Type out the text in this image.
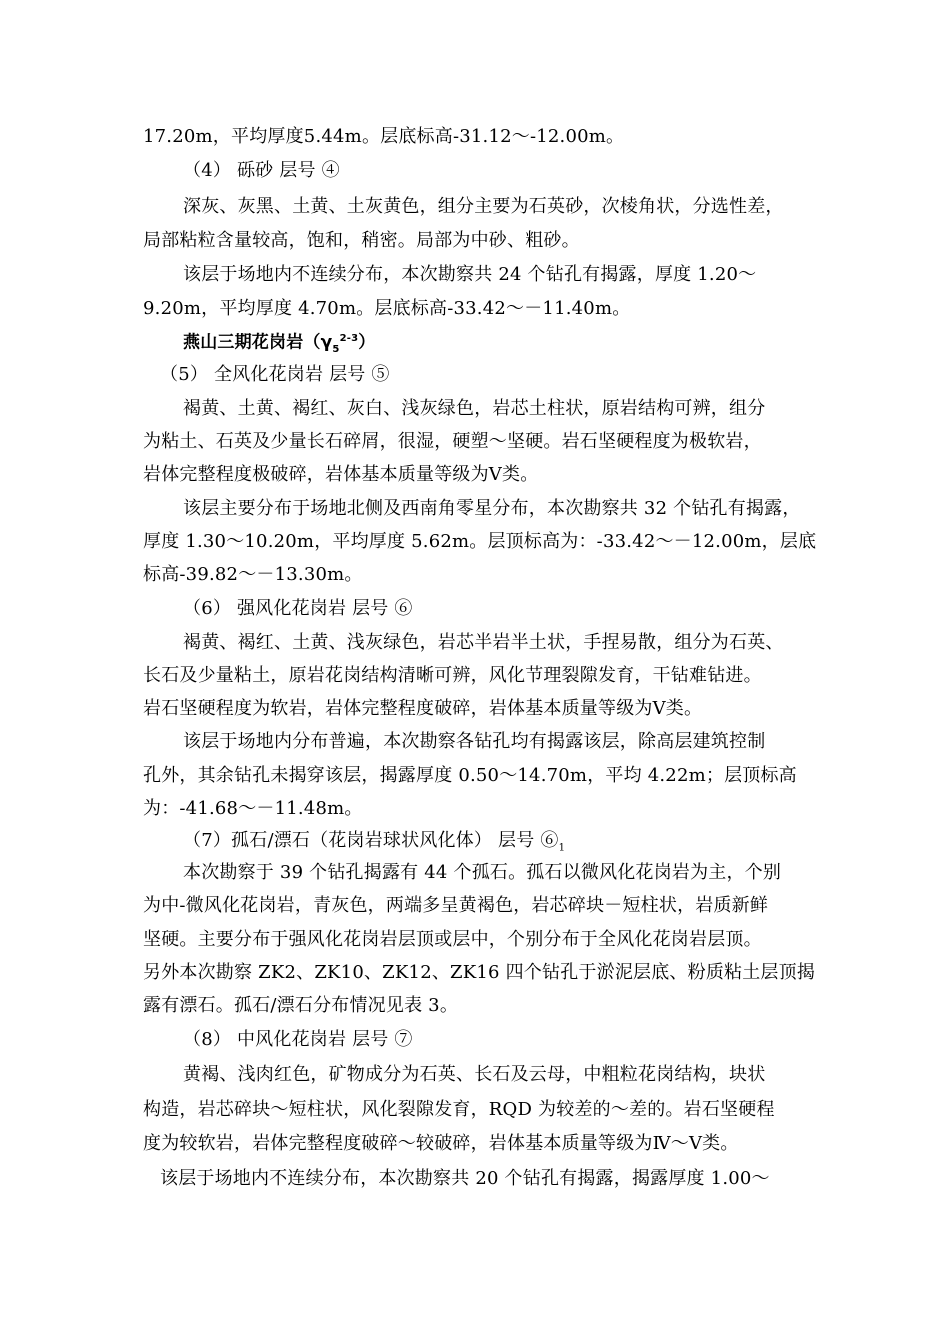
17.20m，平均厚度5.44m。层底标高-31.12～-12.00m。
（4） 砾砂 层号 ④
深灰、灰黑、土黄、土灰黄色，组分主要为石英砂，次棱角状，分选性差，
局部粘粒含量较高，饱和，稍密。局部为中砂、粗砂。
该层于场地内不连续分布，本次勘察共 24 个钻孔有揭露，厚度 1.20～
9.20m，平均厚度 4.70m。层底标高-33.42～－11.40m。
燕山三期花岗岩$(\gamma_5^{2-3})$
（5） 全风化花岗岩 层号 ⑤
褐黄、土黄、褐红、灰白、浅灰绿色，岩芯土柱状，原岩结构可辨，组分
为粘土、石英及少量长石碎屑，很湿，硬塑～坚硬。岩石坚硬程度为极软岩，
岩体完整程度极破碎，岩体基本质量等级为Ⅴ类。
该层主要分布于场地北侧及西南角零星分布，本次勘察共 32 个钻孔有揭露，
厚度 1.30～10.20m，平均厚度 5.62m。层顶标高为：-33.42～－12.00m，层底
标高-39.82～－13.30m。
（6） 强风化花岗岩 层号 ⑥
褐黄、褐红、土黄、浅灰绿色，岩芯半岩半土状，手捏易散，组分为石英、
长石及少量粘土，原岩花岗结构清晰可辨，风化节理裂隙发育，干钻难钻进。
岩石坚硬程度为软岩，岩体完整程度破碎，岩体基本质量等级为Ⅴ类。
该层于场地内分布普遍，本次勘察各钻孔均有揭露该层，除高层建筑控制
孔外，其余钻孔未揭穿该层，揭露厚度 0.50～14.70m，平均 4.22m；层顶标高
为：-41.68～－11.48m。
（7）孤石/漂石（花岗岩球状风化体） 层号 $⑥_1$
本次勘察于 39 个钻孔揭露有 44 个孤石。孤石以微风化花岗岩为主，个别
为中-微风化花岗岩，青灰色，两端多呈黄褐色，岩芯碎块－短柱状，岩质新鲜
坚硬。主要分布于强风化花岗岩层顶或层中，个别分布于全风化花岗岩层顶。
另外本次勘察 ZK2、ZK10、ZK12、ZK16 四个钻孔于淤泥层底、粉质粘土层顶揭
露有漂石。孤石/漂石分布情况见表 3。
（8） 中风化花岗岩 层号 ⑦
黄褐、浅肉红色，矿物成分为石英、长石及云母，中粗粒花岗结构，块状
构造，岩芯碎块～短柱状，风化裂隙发育，RQD 为较差的～差的。岩石坚硬程
度为较软岩，岩体完整程度破碎～较破碎，岩体基本质量等级为Ⅳ～Ⅴ类。
该层于场地内不连续分布，本次勘察共 20 个钻孔有揭露，揭露厚度 1.00～
